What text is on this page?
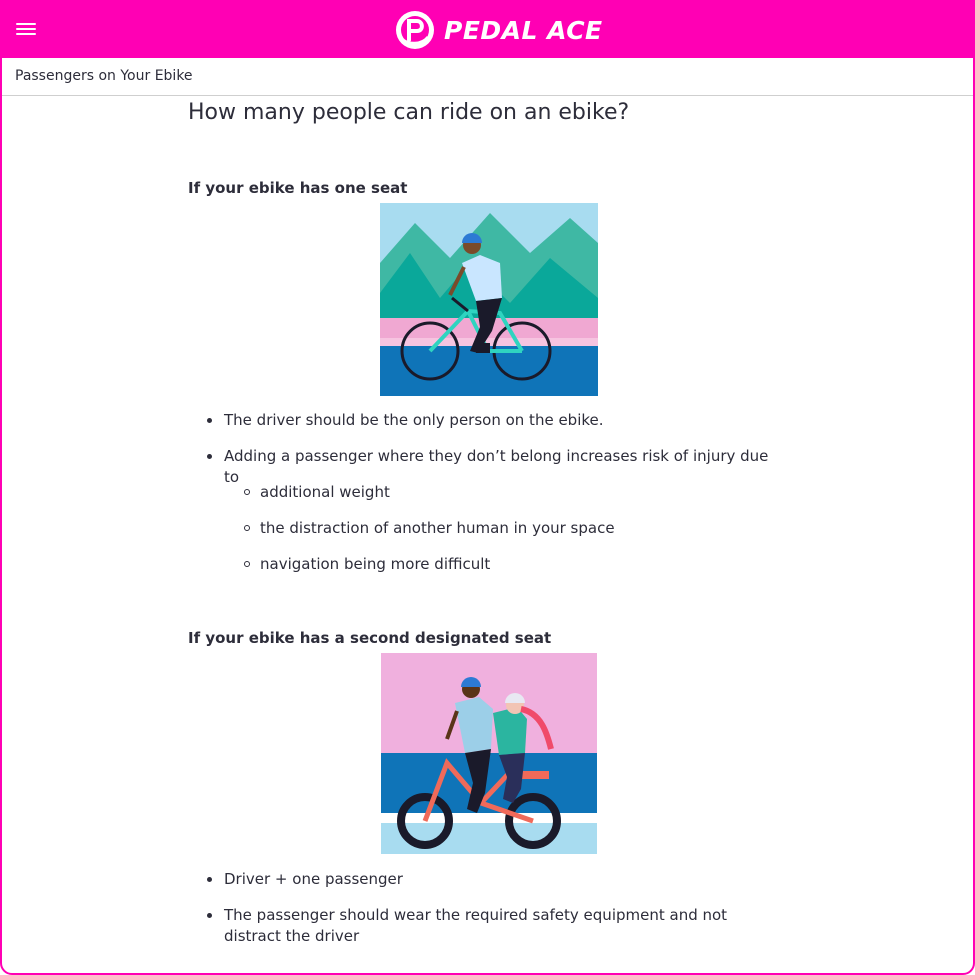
PEDAL ACE
Passengers on Your Ebike
How many people can ride on an ebike?
If your ebike has one seat
The driver should be the only person on the ebike.
Adding a passenger where they don’t belong increases risk of injury due to
additional weight
the distraction of another human in your space
navigation being more difficult
If your ebike has a second designated seat
Driver + one passenger
The passenger should wear the required safety equipment and not distract the driver
